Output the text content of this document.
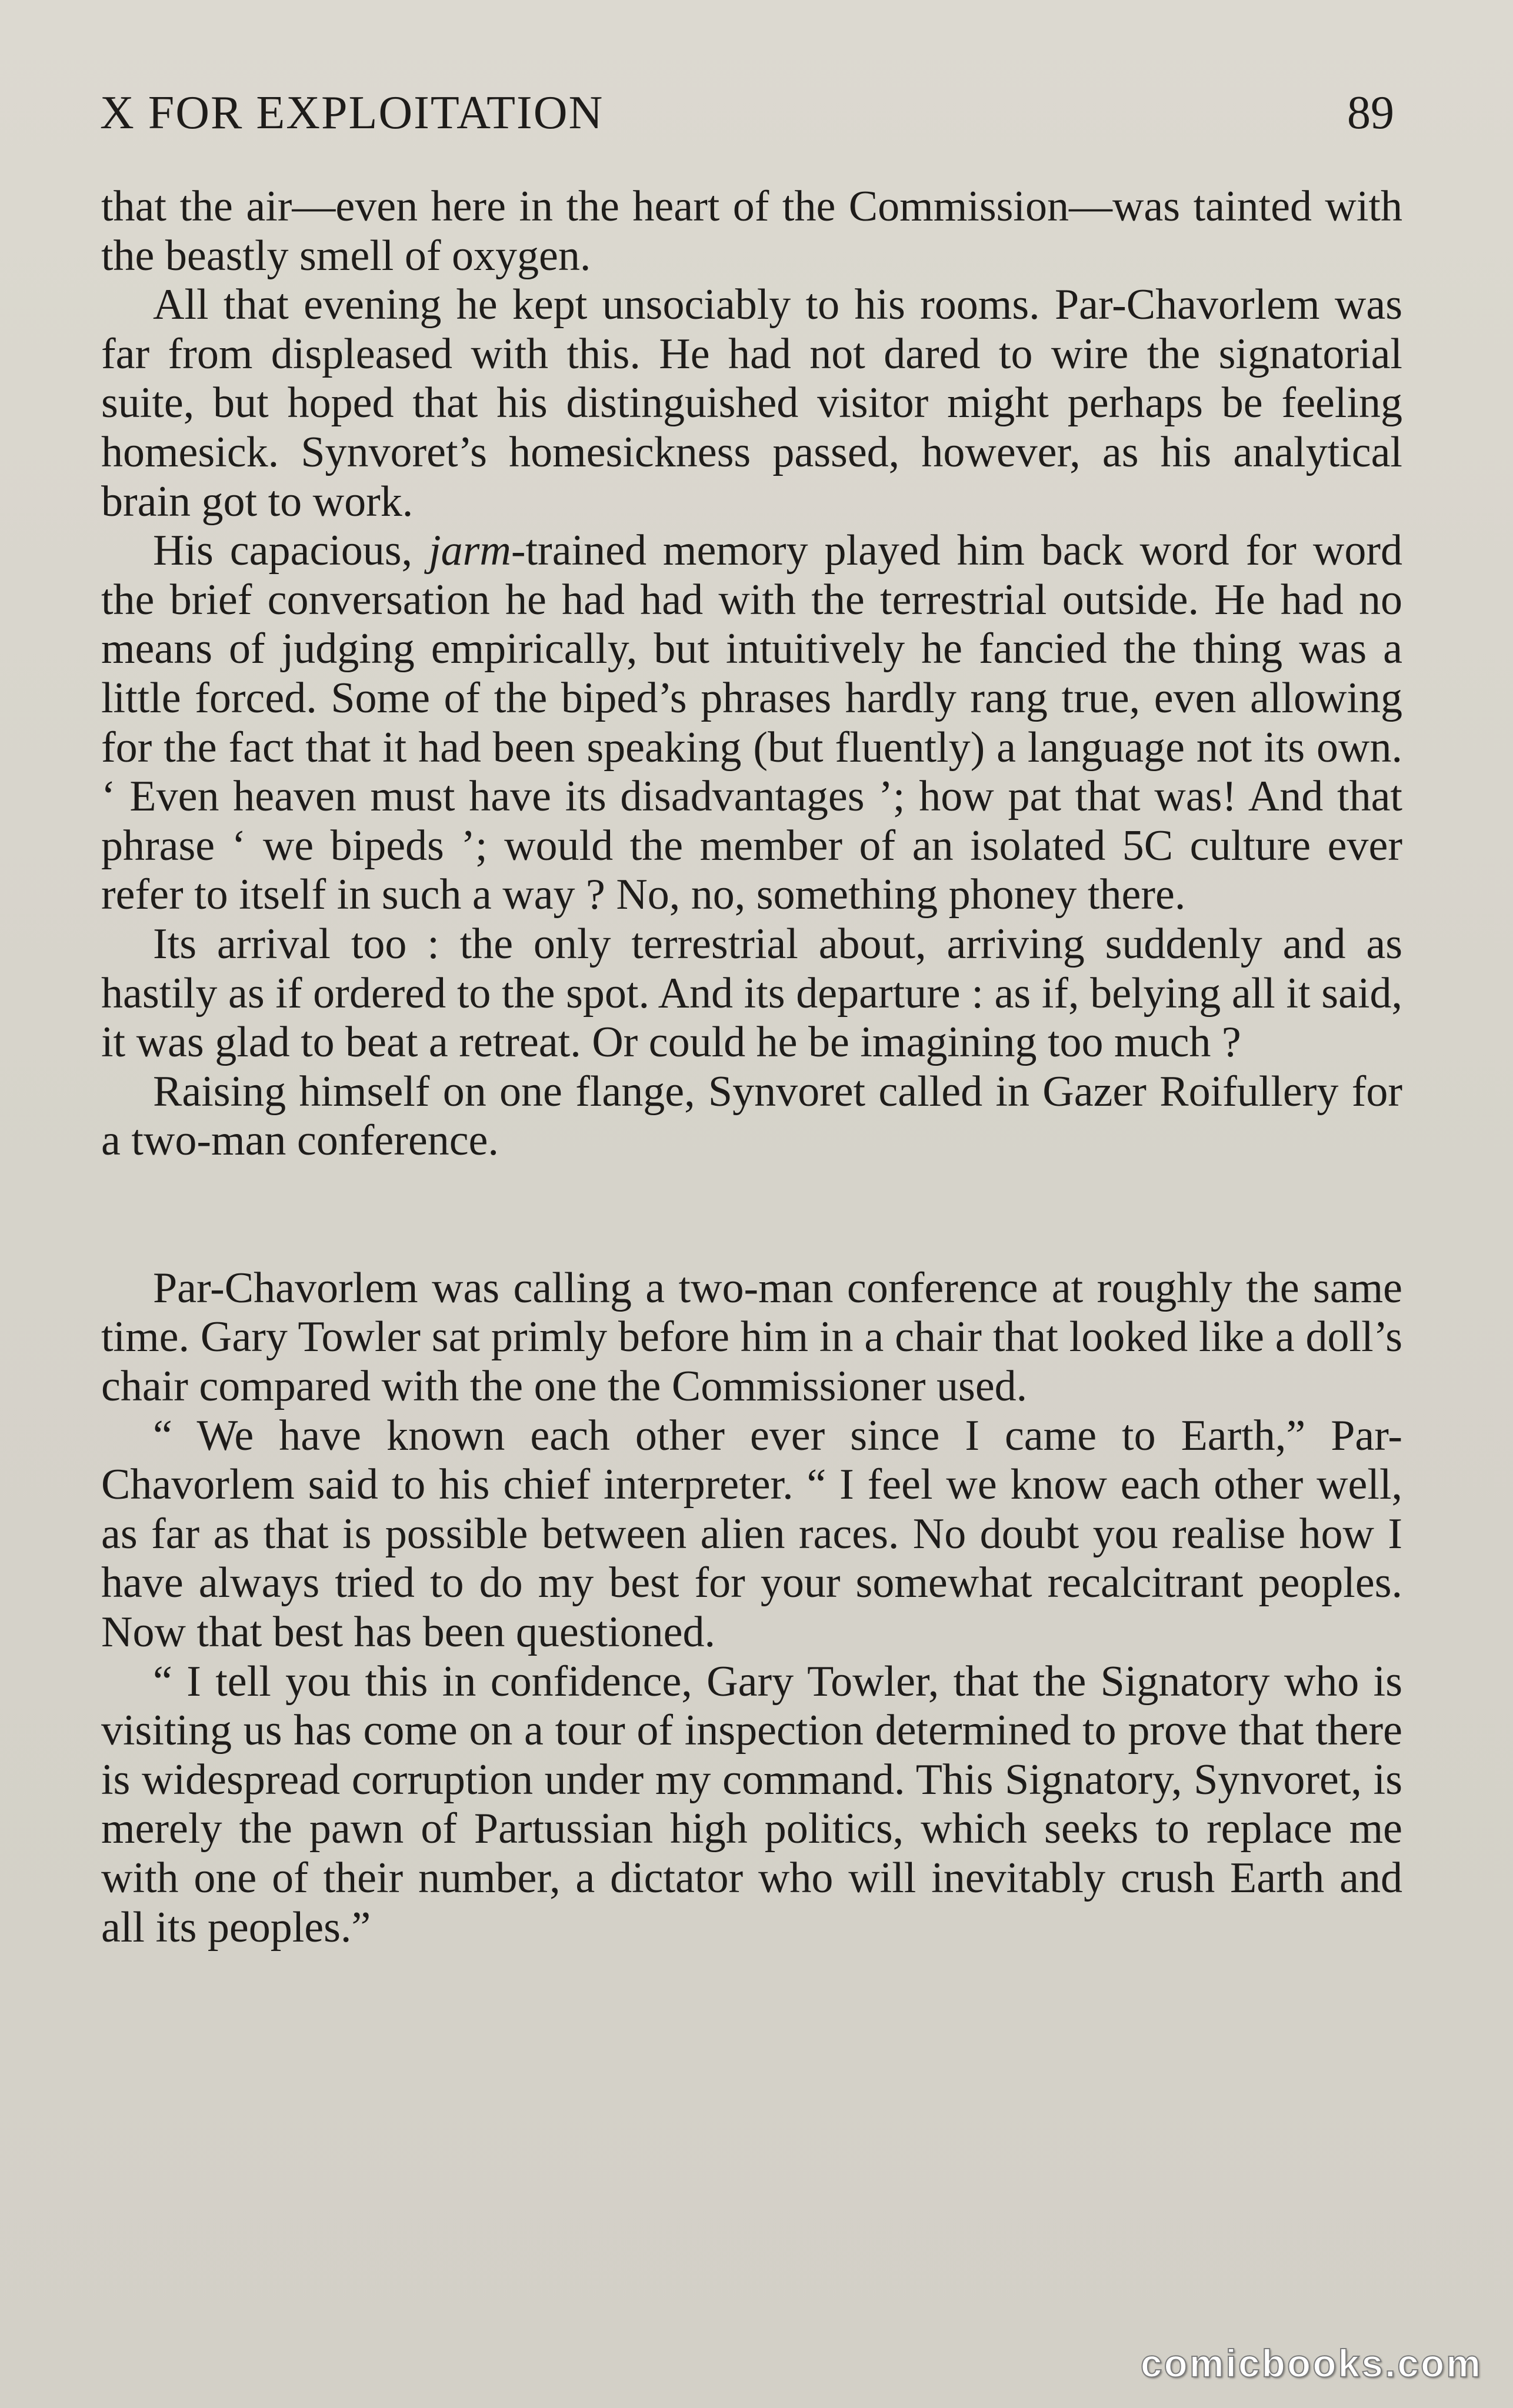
X FOR EXPLOITATION	89

that the air—even here in the heart of the Commission—was tainted with the beastly smell of oxygen.

All that evening he kept unsociably to his rooms. Par-Chavorlem was far from displeased with this. He had not dared to wire the signatorial suite, but hoped that his distinguished visitor might perhaps be feeling homesick. Synvoret’s homesickness passed, however, as his analytical brain got to work.

His capacious, jarm-trained memory played him back word for word the brief conversation he had had with the terrestrial outside. He had no means of judging empirically, but intuitively he fancied the thing was a little forced. Some of the biped’s phrases hardly rang true, even allowing for the fact that it had been speaking (but fluently) a language not its own. ‘ Even heaven must have its disadvantages ’; how pat that was! And that phrase ‘ we bipeds ’; would the member of an isolated 5C culture ever refer to itself in such a way ? No, no, something phoney there.

Its arrival too : the only terrestrial about, arriving suddenly and as hastily as if ordered to the spot. And its departure : as if, belying all it said, it was glad to beat a retreat. Or could he be imagining too much ?

Raising himself on one flange, Synvoret called in Gazer Roifullery for a two-man conference.

Par-Chavorlem was calling a two-man conference at roughly the same time. Gary Towler sat primly before him in a chair that looked like a doll’s chair compared with the one the Commissioner used.

“ We have known each other ever since I came to Earth,” Par-Chavorlem said to his chief interpreter. “ I feel we know each other well, as far as that is possible between alien races. No doubt you realise how I have always tried to do my best for your somewhat recalcitrant peoples. Now that best has been questioned.

“ I tell you this in confidence, Gary Towler, that the Signatory who is visiting us has come on a tour of inspection determined to prove that there is widespread corruption under my command. This Signatory, Synvoret, is merely the pawn of Partussian high politics, which seeks to replace me with one of their number, a dictator who will inevitably crush Earth and all its peoples.”

comicbooks.com
